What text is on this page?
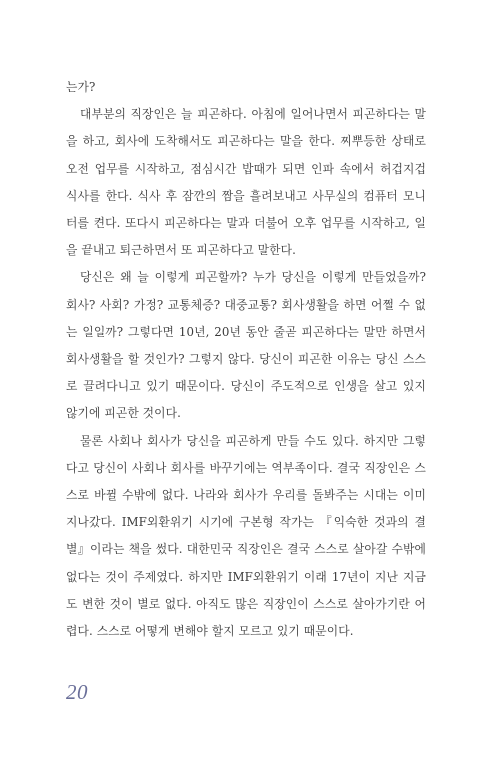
는가?

대부분의 직장인은 늘 피곤하다. 아침에 일어나면서 피곤하다는 말을 하고, 회사에 도착해서도 피곤하다는 말을 한다. 찌뿌등한 상태로 오전 업무를 시작하고, 점심시간 밥때가 되면 인파 속에서 허겁지겁 식사를 한다. 식사 후 잠깐의 짬을 흘려보내고 사무실의 컴퓨터 모니터를 켠다. 또다시 피곤하다는 말과 더불어 오후 업무를 시작하고, 일을 끝내고 퇴근하면서 또 피곤하다고 말한다.

당신은 왜 늘 이렇게 피곤할까? 누가 당신을 이렇게 만들었을까? 회사? 사회? 가정? 교통체증? 대중교통? 회사생활을 하면 어쩔 수 없는 일일까? 그렇다면 10년, 20년 동안 줄곧 피곤하다는 말만 하면서 회사생활을 할 것인가? 그렇지 않다. 당신이 피곤한 이유는 당신 스스로 끌려다니고 있기 때문이다. 당신이 주도적으로 인생을 살고 있지 않기에 피곤한 것이다.

물론 사회나 회사가 당신을 피곤하게 만들 수도 있다. 하지만 그렇다고 당신이 사회나 회사를 바꾸기에는 역부족이다. 결국 직장인은 스스로 바뀔 수밖에 없다. 나라와 회사가 우리를 돌봐주는 시대는 이미 지나갔다. IMF외환위기 시기에 구본형 작가는 『익숙한 것과의 결별』이라는 책을 썼다. 대한민국 직장인은 결국 스스로 살아갈 수밖에 없다는 것이 주제였다. 하지만 IMF외환위기 이래 17년이 지난 지금도 변한 것이 별로 없다. 아직도 많은 직장인이 스스로 살아가기란 어렵다. 스스로 어떻게 변해야 할지 모르고 있기 때문이다.

20
